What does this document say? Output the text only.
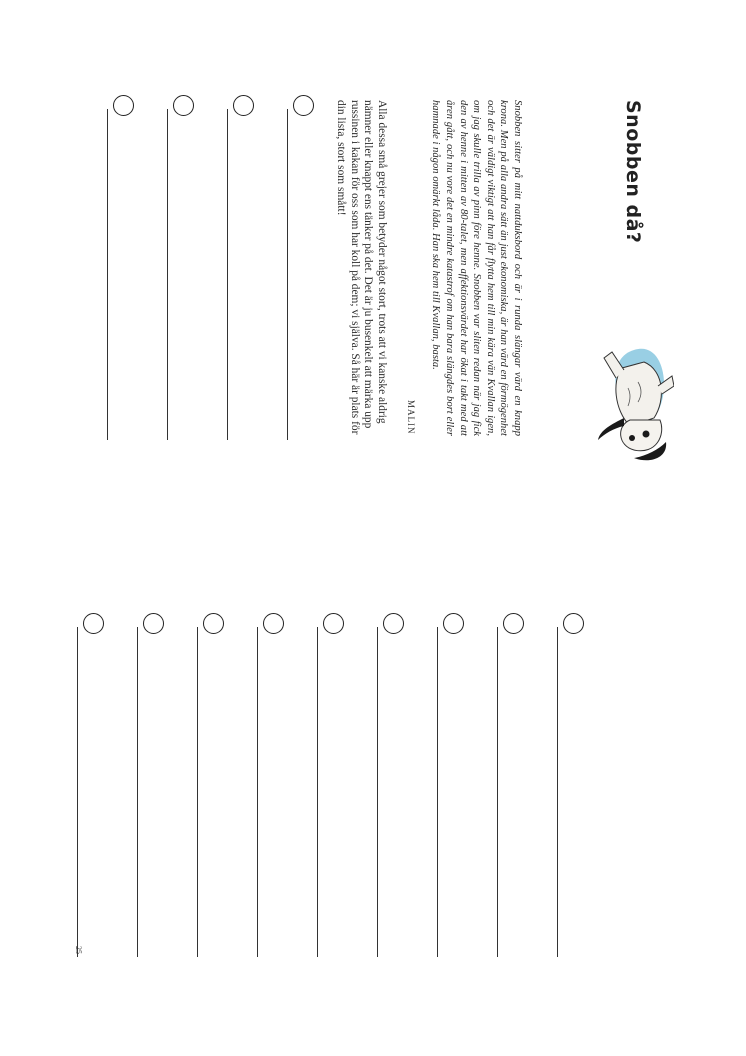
Snobben då?

Snobben sitter på mitt nattduksbord och är i runda slängar värd en knapp krona. Men på alla andra sätt än just ekonomiska, är han värd en förmögenhet och det är väldigt viktigt att han får flytta hem till min kära vän Kvallan igen, om jag skulle trilla av pinn före henne. Snobben var sliten redan när jag fick den av henne i mitten av 80-talet, men affektionsvärdet har ökat i takt med att åren gått, och nu vore det en mindre katastrof om han bara slängdes bort eller hamnade i någon omärkt låda. Han ska hem till Kvallan, basta.

MALIN

Alla dessa små grejer som betyder något stort, trots att vi kanske aldrig nämner eller knappt ens tänker på det. Det är ju busenkelt att märka upp russinen i kakan för oss som har koll på dem; vi själva. Så här är plats för din lista, stort som smått!

25
